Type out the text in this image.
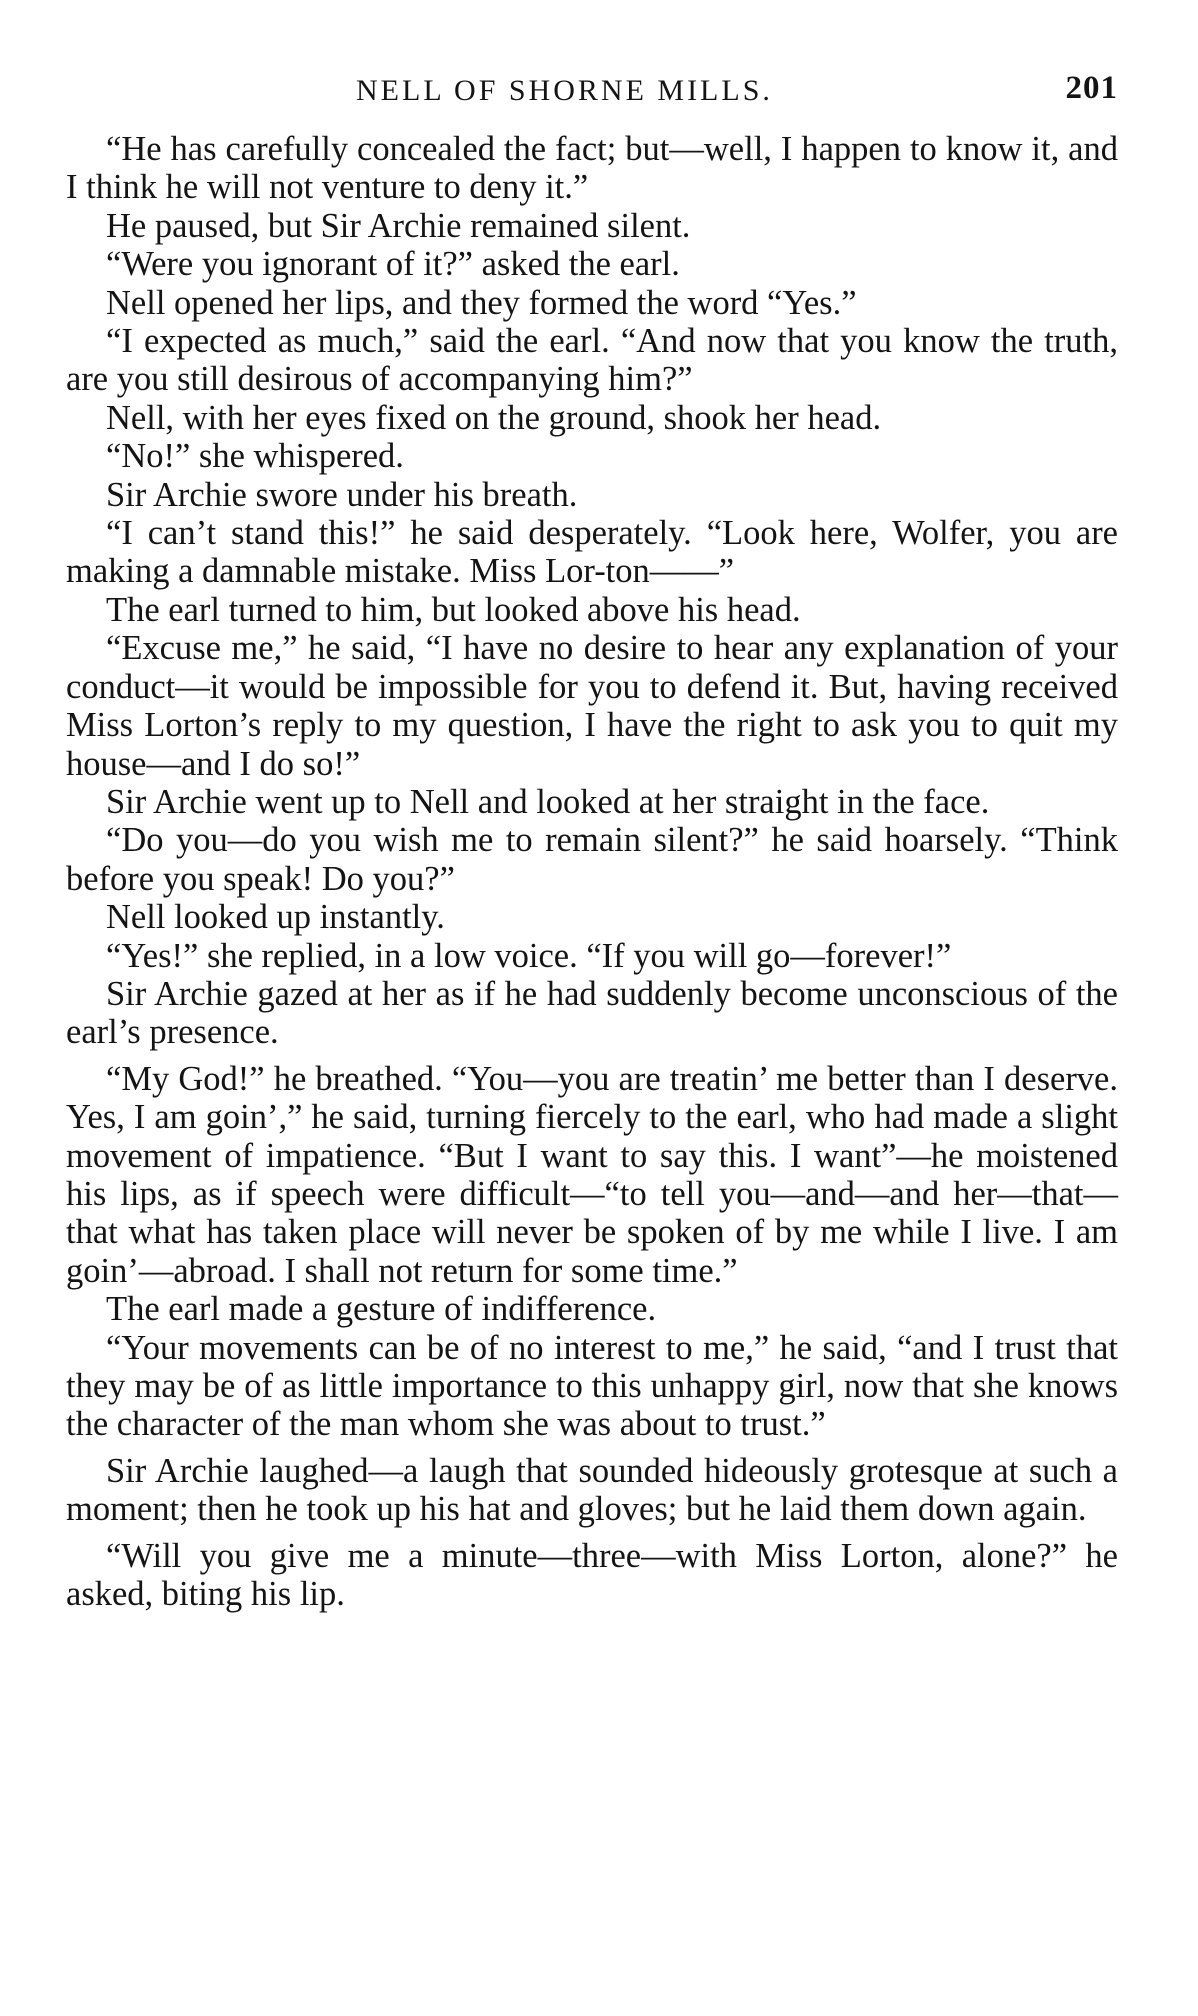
NELL OF SHORNE MILLS.	201

“He has carefully concealed the fact; but—well, I happen to know it, and I think he will not venture to deny it.”

He paused, but Sir Archie remained silent.

“Were you ignorant of it?” asked the earl.

Nell opened her lips, and they formed the word “Yes.”

“I expected as much,” said the earl. “And now that you know the truth, are you still desirous of accompanying him?”

Nell, with her eyes fixed on the ground, shook her head.

“No!” she whispered.

Sir Archie swore under his breath.

“I can’t stand this!” he said desperately. “Look here, Wolfer, you are making a damnable mistake. Miss Lor-ton——”

The earl turned to him, but looked above his head.

“Excuse me,” he said, “I have no desire to hear any explanation of your conduct—it would be impossible for you to defend it. But, having received Miss Lorton’s reply to my question, I have the right to ask you to quit my house—and I do so!”

Sir Archie went up to Nell and looked at her straight in the face.

“Do you—do you wish me to remain silent?” he said hoarsely. “Think before you speak! Do you?”

Nell looked up instantly.

“Yes!” she replied, in a low voice. “If you will go—forever!”

Sir Archie gazed at her as if he had suddenly become unconscious of the earl’s presence.

“My God!” he breathed. “You—you are treatin’ me better than I deserve. Yes, I am goin’,” he said, turning fiercely to the earl, who had made a slight movement of impatience. “But I want to say this. I want”—he moistened his lips, as if speech were difficult—“to tell you—and—and her—that—that what has taken place will never be spoken of by me while I live. I am goin’—abroad. I shall not return for some time.”

The earl made a gesture of indifference.

“Your movements can be of no interest to me,” he said, “and I trust that they may be of as little importance to this unhappy girl, now that she knows the character of the man whom she was about to trust.”

Sir Archie laughed—a laugh that sounded hideously grotesque at such a moment; then he took up his hat and gloves; but he laid them down again.

“Will you give me a minute—three—with Miss Lorton, alone?” he asked, biting his lip.
